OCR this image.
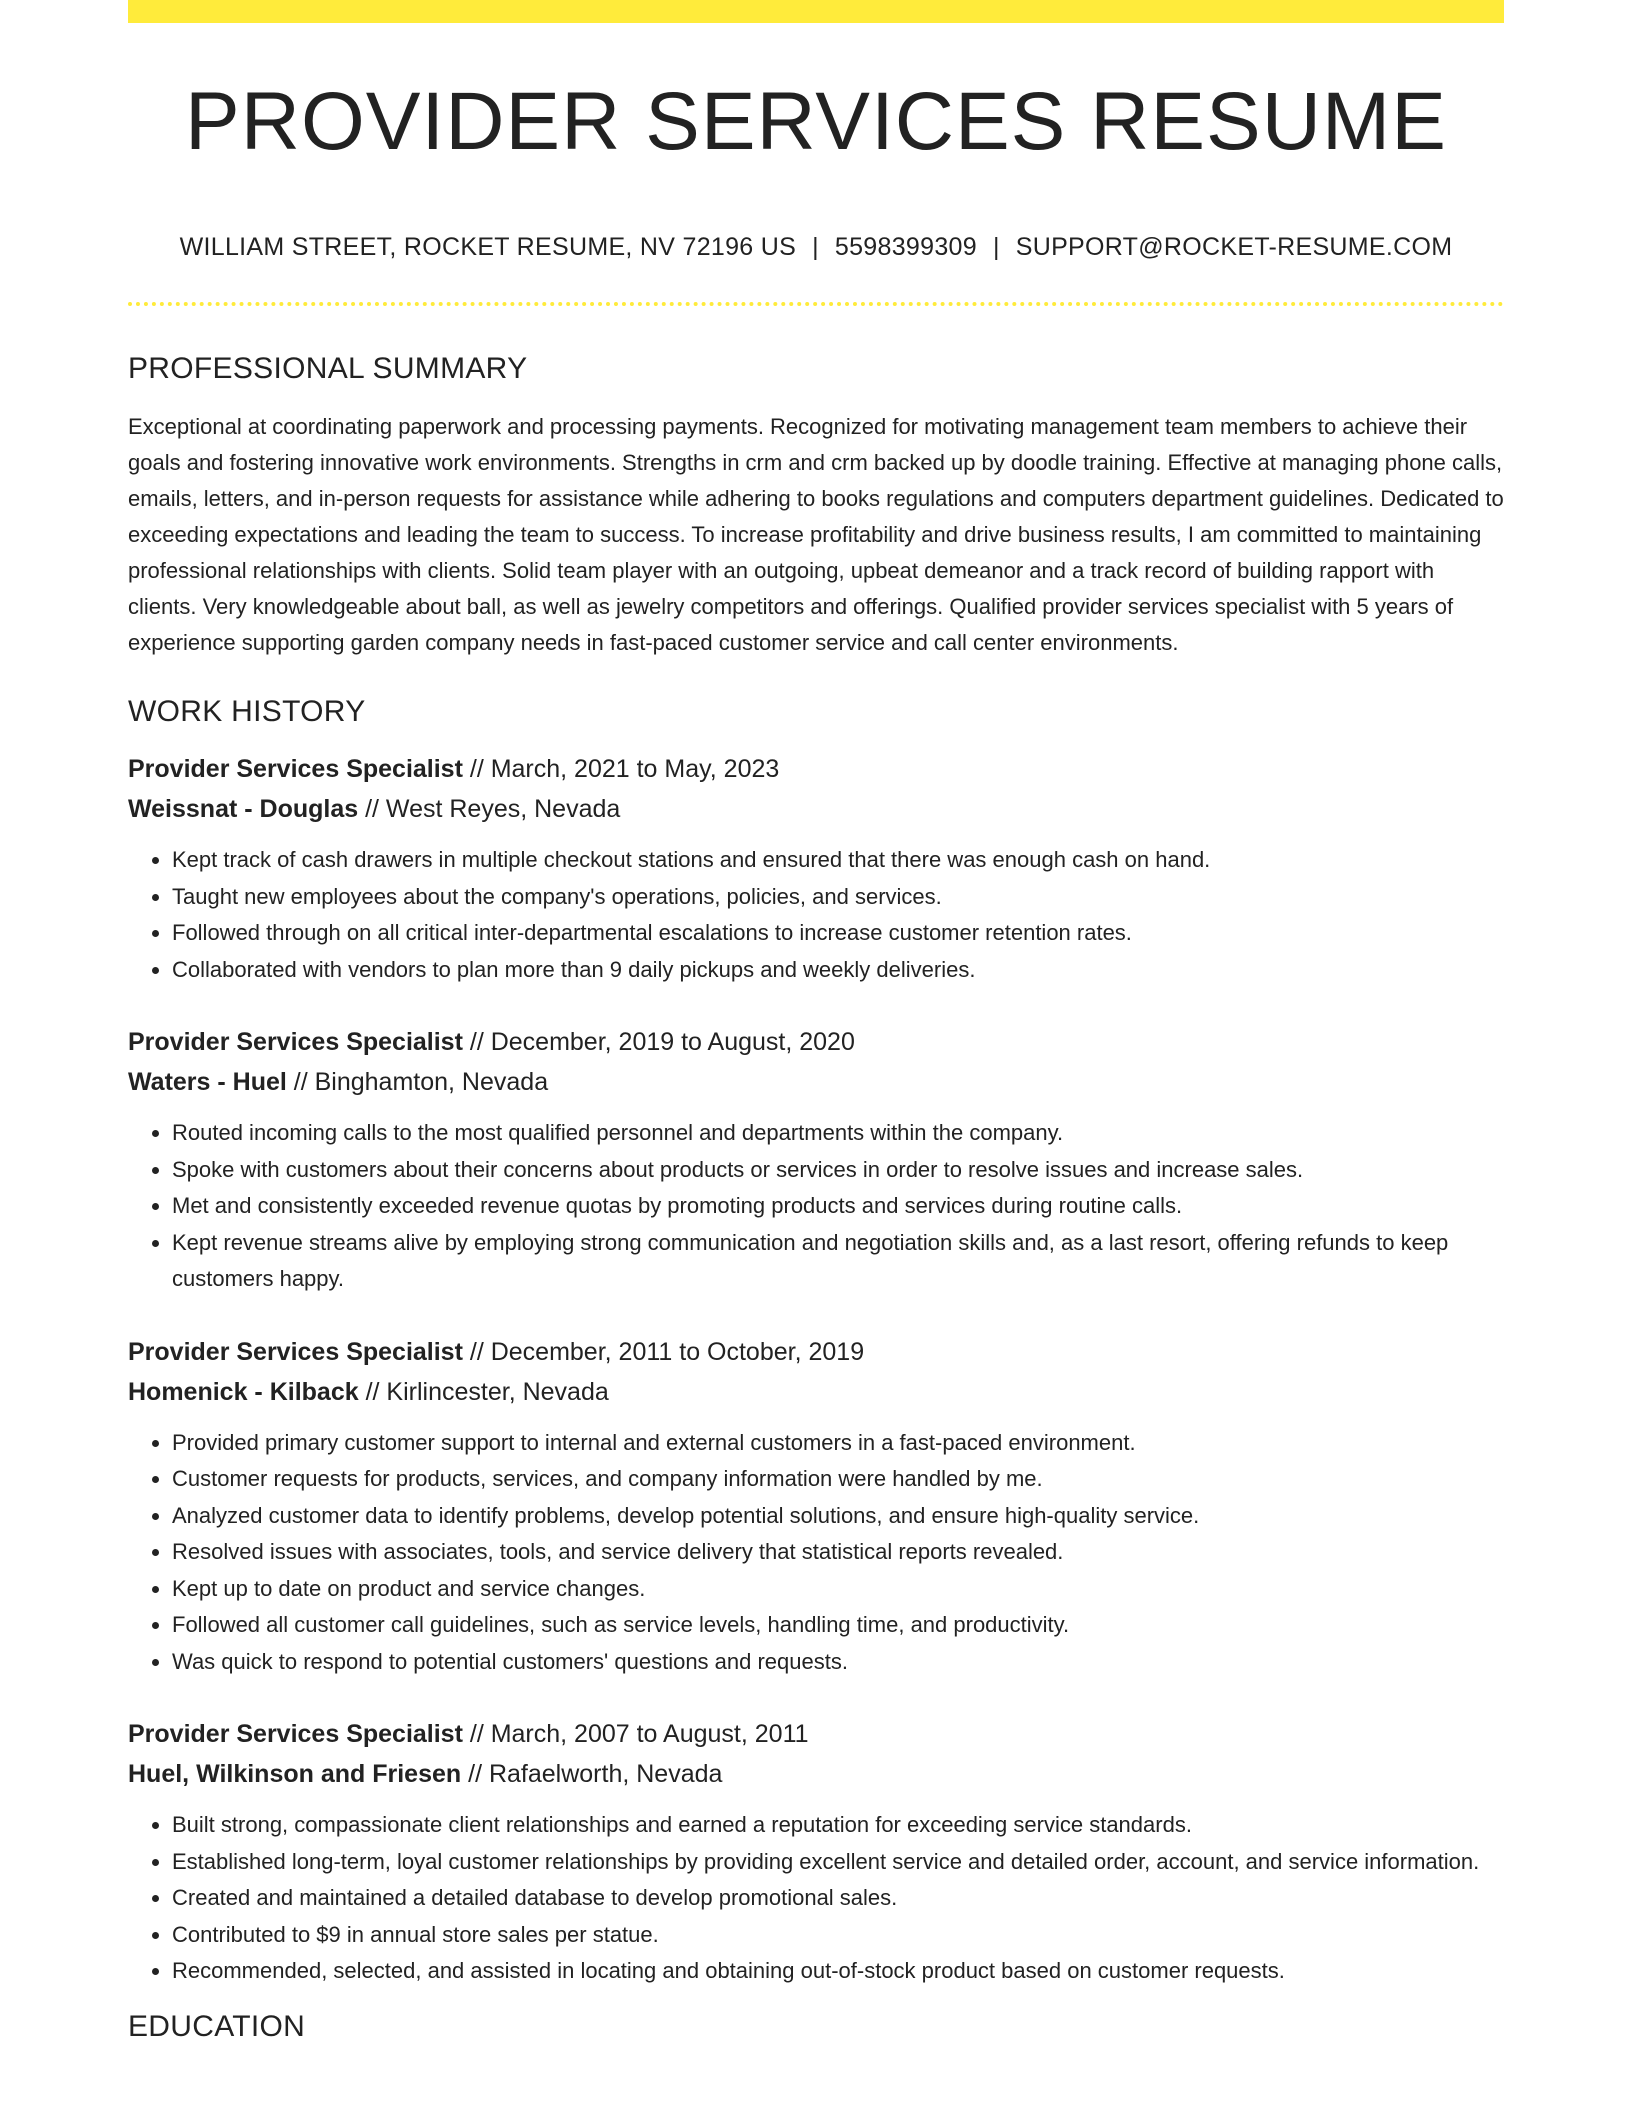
PROVIDER SERVICES RESUME
WILLIAM STREET, ROCKET RESUME, NV 72196 US | 5598399309 | SUPPORT@ROCKET-RESUME.COM
PROFESSIONAL SUMMARY
Exceptional at coordinating paperwork and processing payments. Recognized for motivating management team members to achieve their goals and fostering innovative work environments. Strengths in crm and crm backed up by doodle training. Effective at managing phone calls, emails, letters, and in-person requests for assistance while adhering to books regulations and computers department guidelines. Dedicated to exceeding expectations and leading the team to success. To increase profitability and drive business results, I am committed to maintaining professional relationships with clients. Solid team player with an outgoing, upbeat demeanor and a track record of building rapport with clients. Very knowledgeable about ball, as well as jewelry competitors and offerings. Qualified provider services specialist with 5 years of experience supporting garden company needs in fast-paced customer service and call center environments.
WORK HISTORY
Provider Services Specialist // March, 2021 to May, 2023
Weissnat - Douglas // West Reyes, Nevada
• Kept track of cash drawers in multiple checkout stations and ensured that there was enough cash on hand.
• Taught new employees about the company's operations, policies, and services.
• Followed through on all critical inter-departmental escalations to increase customer retention rates.
• Collaborated with vendors to plan more than 9 daily pickups and weekly deliveries.
Provider Services Specialist // December, 2019 to August, 2020
Waters - Huel // Binghamton, Nevada
• Routed incoming calls to the most qualified personnel and departments within the company.
• Spoke with customers about their concerns about products or services in order to resolve issues and increase sales.
• Met and consistently exceeded revenue quotas by promoting products and services during routine calls.
• Kept revenue streams alive by employing strong communication and negotiation skills and, as a last resort, offering refunds to keep customers happy.
Provider Services Specialist // December, 2011 to October, 2019
Homenick - Kilback // Kirlincester, Nevada
• Provided primary customer support to internal and external customers in a fast-paced environment.
• Customer requests for products, services, and company information were handled by me.
• Analyzed customer data to identify problems, develop potential solutions, and ensure high-quality service.
• Resolved issues with associates, tools, and service delivery that statistical reports revealed.
• Kept up to date on product and service changes.
• Followed all customer call guidelines, such as service levels, handling time, and productivity.
• Was quick to respond to potential customers' questions and requests.
Provider Services Specialist // March, 2007 to August, 2011
Huel, Wilkinson and Friesen // Rafaelworth, Nevada
• Built strong, compassionate client relationships and earned a reputation for exceeding service standards.
• Established long-term, loyal customer relationships by providing excellent service and detailed order, account, and service information.
• Created and maintained a detailed database to develop promotional sales.
• Contributed to $9 in annual store sales per statue.
• Recommended, selected, and assisted in locating and obtaining out-of-stock product based on customer requests.
EDUCATION
